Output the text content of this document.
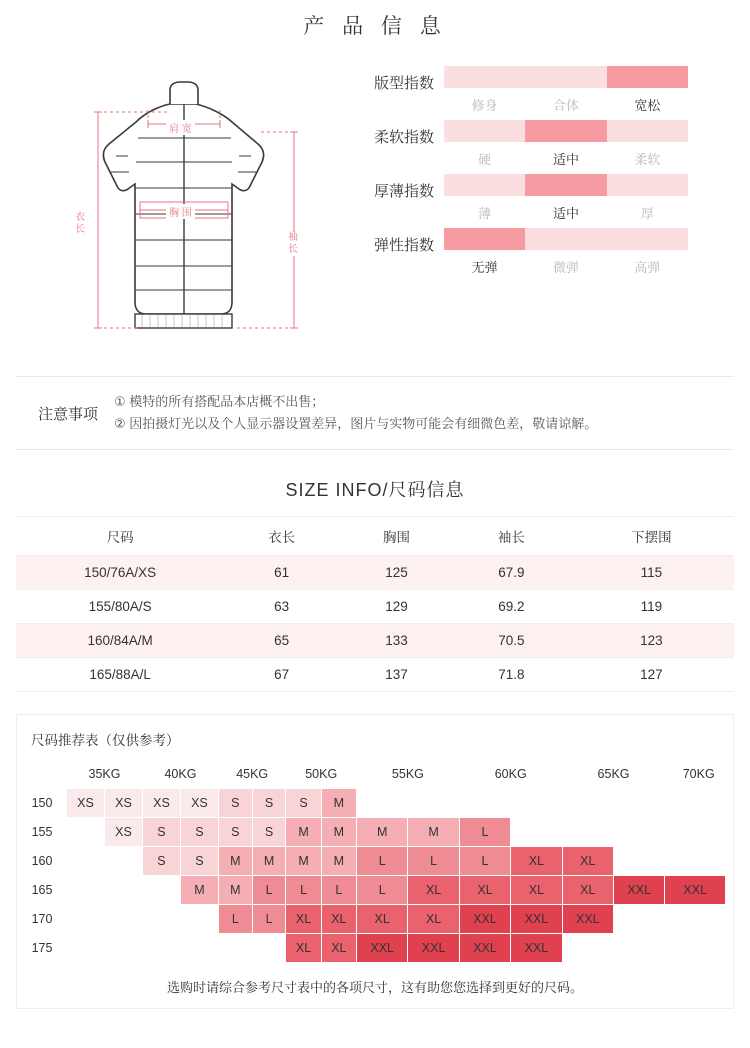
产 品 信 息
肩 宽
胸 围
衣长
袖长
版型指数
修身	合体	宽松
柔软指数
硬	适中	柔软
厚薄指数
薄	适中	厚
弹性指数
无弹	微弹	高弹
注意事项
① 模特的所有搭配品本店概不出售；
② 因拍摄灯光以及个人显示器设置差异，图片与实物可能会有细微色差，敬请谅解。
SIZE INFO/尺码信息
尺码	衣长	胸围	袖长	下摆围
150/76A/XS	61	125	67.9	115
155/80A/S	63	129	69.2	119
160/84A/M	65	133	70.5	123
165/88A/L	67	137	71.8	127
尺码推荐表（仅供参考）
	35KG		40KG		45KG		50KG		55KG		60KG		65KG		70KG	
150	XS	XS	XS	XS	S	S	S	M								
155		XS	S	S	S	S	M	M	M	M	L					
160			S	S	M	M	M	M	L	L	L	XL	XL			
165				M	M	L	L	L	L	XL	XL	XL	XL	XXL	XXL	
170					L	L	XL	XL	XL	XL	XXL	XXL	XXL			
175							XL	XL	XXL	XXL	XXL	XXL				
选购时请综合参考尺寸表中的各项尺寸，这有助您您选择到更好的尺码。
